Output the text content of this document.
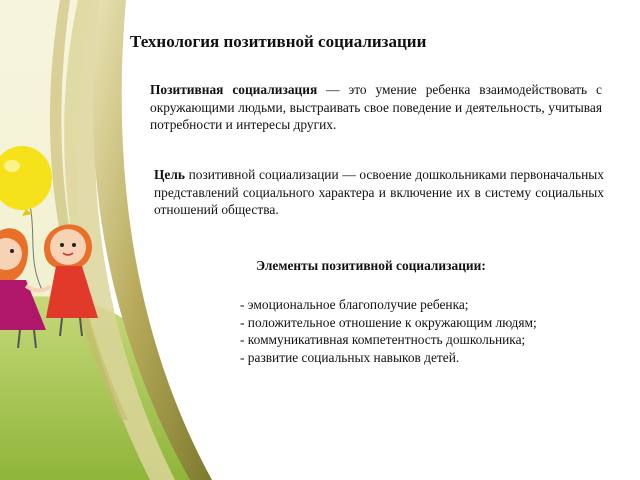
Технология позитивной социализации
Позитивная социализация — это умение ребенка взаимодействовать с окружающими людьми, выстраивать свое поведение и деятельность, учитывая потребности и интересы других.
Цель позитивной социализации — освоение дошкольниками первоначальных представлений социального характера и включение их в систему социальных отношений общества.
Элементы позитивной социализации:
- эмоциональное благополучие ребенка;
- положительное отношение к окружающим людям;
- коммуникативная компетентность дошкольника;
- развитие социальных навыков детей.
